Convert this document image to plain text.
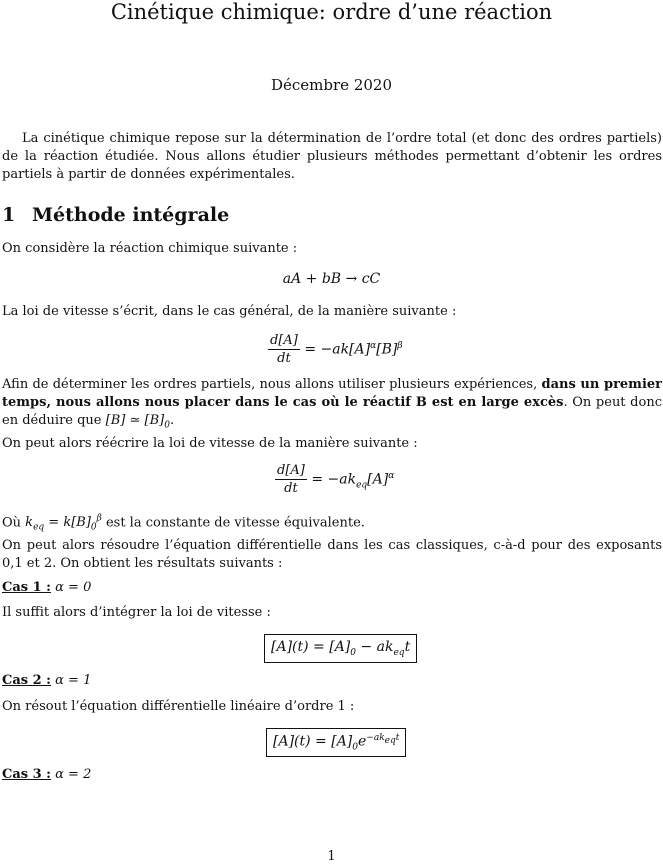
Cinétique chimique: ordre d’une réaction
Décembre 2020
La cinétique chimique repose sur la détermination de l’ordre total (et donc des ordres partiels) de la réaction étudiée. Nous allons étudier plusieurs méthodes permettant d’obtenir les ordres partiels à partir de données expérimentales.
1 Méthode intégrale
On considère la réaction chimique suivante :
aA + bB → cC
La loi de vitesse s’écrit, dans le cas général, de la manière suivante :
$\frac{d[A]}{dt} = -ak[A]^\alpha[B]^\beta$
Afin de déterminer les ordres partiels, nous allons utiliser plusieurs expériences, dans un premier temps, nous allons nous placer dans le cas où le réactif B est en large excès. On peut donc en déduire que [B] ≃ $[B]_0$.
On peut alors réécrire la loi de vitesse de la manière suivante :
$\frac{d[A]}{dt} = -ak_{eq}[A]^\alpha$
Où $k_{eq} = k[B]_0^\beta$ est la constante de vitesse équivalente.
On peut alors résoudre l’équation différentielle dans les cas classiques, c-à-d pour des exposants 0,1 et 2. On obtient les résultats suivants :
Cas 1 : α = 0
Il suffit alors d’intégrer la loi de vitesse :
$[A](t) = [A]_0 - ak_{eq}t$
Cas 2 : α = 1
On résout l’équation différentielle linéaire d’ordre 1 :
$[A](t) = [A]_0e^{-ak_{eq}t}$
Cas 3 : α = 2
1
